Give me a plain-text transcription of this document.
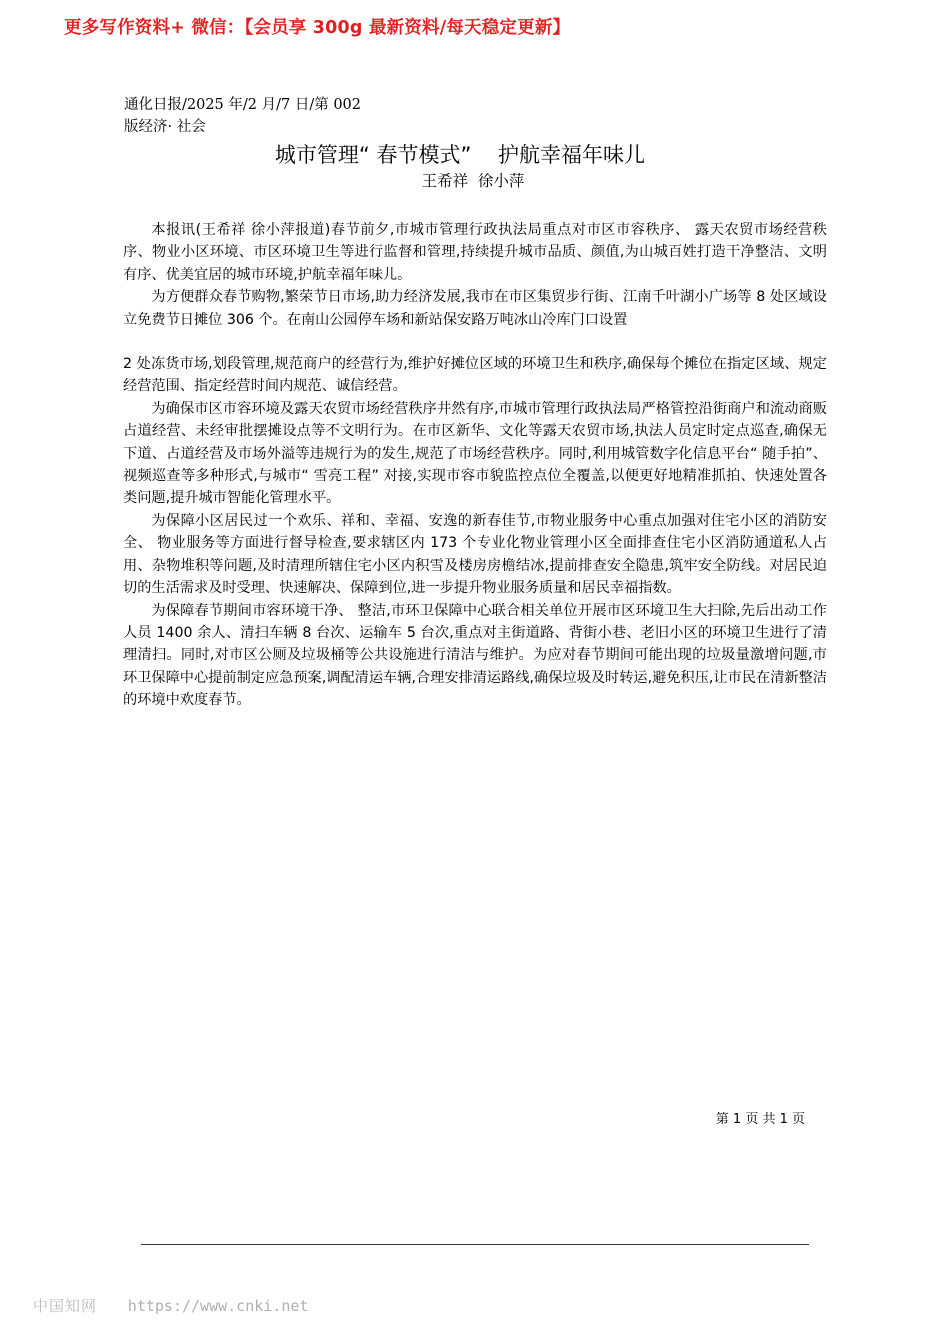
更多写作资料+ 微信：【会员享 300g 最新资料/每天稳定更新】
通化日报/2025 年/2 月/7 日/第 002
版经济· 社会
城市管理“ 春节模式”    护航幸福年味儿
王希祥  徐小萍

本报讯(王希祥 徐小萍报道)春节前夕,市城市管理行政执法局重点对市区市容秩序、 露天农贸市场经营秩序、物业小区环境、市区环境卫生等进行监督和管理,持续提升城市品质、颜值,为山城百姓打造干净整洁、文明有序、优美宜居的城市环境,护航幸福年味儿。

为方便群众春节购物,繁荣节日市场,助力经济发展,我市在市区集贸步行街、江南千叶湖小广场等 8 处区域设立免费节日摊位 306 个。在南山公园停车场和新站保安路万吨冰山冷库门口设置

2 处冻货市场,划段管理,规范商户的经营行为,维护好摊位区域的环境卫生和秩序,确保每个摊位在指定区域、规定经营范围、指定经营时间内规范、诚信经营。

为确保市区市容环境及露天农贸市场经营秩序井然有序,市城市管理行政执法局严格管控沿街商户和流动商贩占道经营、未经审批摆摊设点等不文明行为。在市区新华、文化等露天农贸市场,执法人员定时定点巡查,确保无下道、占道经营及市场外溢等违规行为的发生,规范了市场经营秩序。同时,利用城管数字化信息平台“ 随手拍”、视频巡查等多种形式,与城市“ 雪亮工程” 对接,实现市容市貌监控点位全覆盖,以便更好地精准抓拍、快速处置各类问题,提升城市智能化管理水平。

为保障小区居民过一个欢乐、祥和、幸福、安逸的新春佳节,市物业服务中心重点加强对住宅小区的消防安全、 物业服务等方面进行督导检查,要求辖区内 173 个专业化物业管理小区全面排查住宅小区消防通道私人占用、杂物堆积等问题,及时清理所辖住宅小区内积雪及楼房房檐结冰,提前排查安全隐患,筑牢安全防线。对居民迫切的生活需求及时受理、快速解决、保障到位,进一步提升物业服务质量和居民幸福指数。

为保障春节期间市容环境干净、 整洁,市环卫保障中心联合相关单位开展市区环境卫生大扫除,先后出动工作人员 1400 余人、清扫车辆 8 台次、运输车 5 台次,重点对主街道路、背街小巷、老旧小区的环境卫生进行了清理清扫。同时,对市区公厕及垃圾桶等公共设施进行清洁与维护。为应对春节期间可能出现的垃圾量激增问题,市环卫保障中心提前制定应急预案,调配清运车辆,合理安排清运路线,确保垃圾及时转运,避免积压,让市民在清新整洁的环境中欢度春节。

第 1 页 共 1 页
中国知网 https://www.cnki.net
